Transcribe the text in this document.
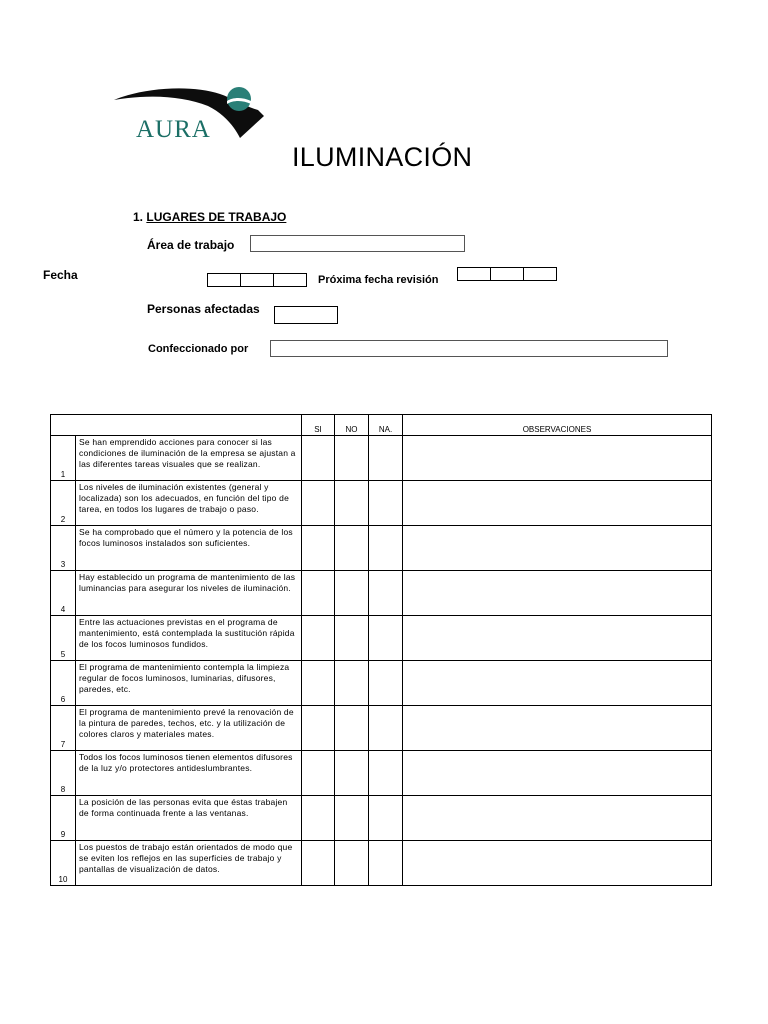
AURA
ILUMINACIÓN
1. LUGARES DE TRABAJO
Área de trabajo
Fecha	Próxima fecha revisión
Personas afectadas
Confeccionado por
		SI	NO	NA.	OBSERVACIONES
1	Se han emprendido acciones para conocer si las condiciones de iluminación de la empresa se ajustan a las diferentes tareas visuales que se realizan.				
2	Los niveles de iluminación existentes (general y localizada) son los adecuados, en función del tipo de tarea, en todos los lugares de trabajo o paso.				
3	Se ha comprobado que el número y la potencia de los focos luminosos instalados son suficientes.				
4	Hay establecido un programa de mantenimiento de las luminancias para asegurar los niveles de iluminación.				
5	Entre las actuaciones previstas en el programa de mantenimiento, está contemplada la sustitución rápida de los focos luminosos fundidos.				
6	El programa de mantenimiento contempla la limpieza regular de focos luminosos, luminarias, difusores, paredes, etc.				
7	El programa de mantenimiento prevé la renovación de la pintura de paredes, techos, etc. y la utilización de colores claros y materiales mates.				
8	Todos los focos luminosos tienen elementos difusores de la luz y/o protectores antideslumbrantes.				
9	La posición de las personas evita que éstas trabajen de forma continuada frente a las ventanas.				
10	Los puestos de trabajo están orientados de modo que se eviten los reflejos en las superficies de trabajo y pantallas de visualización de datos.				
